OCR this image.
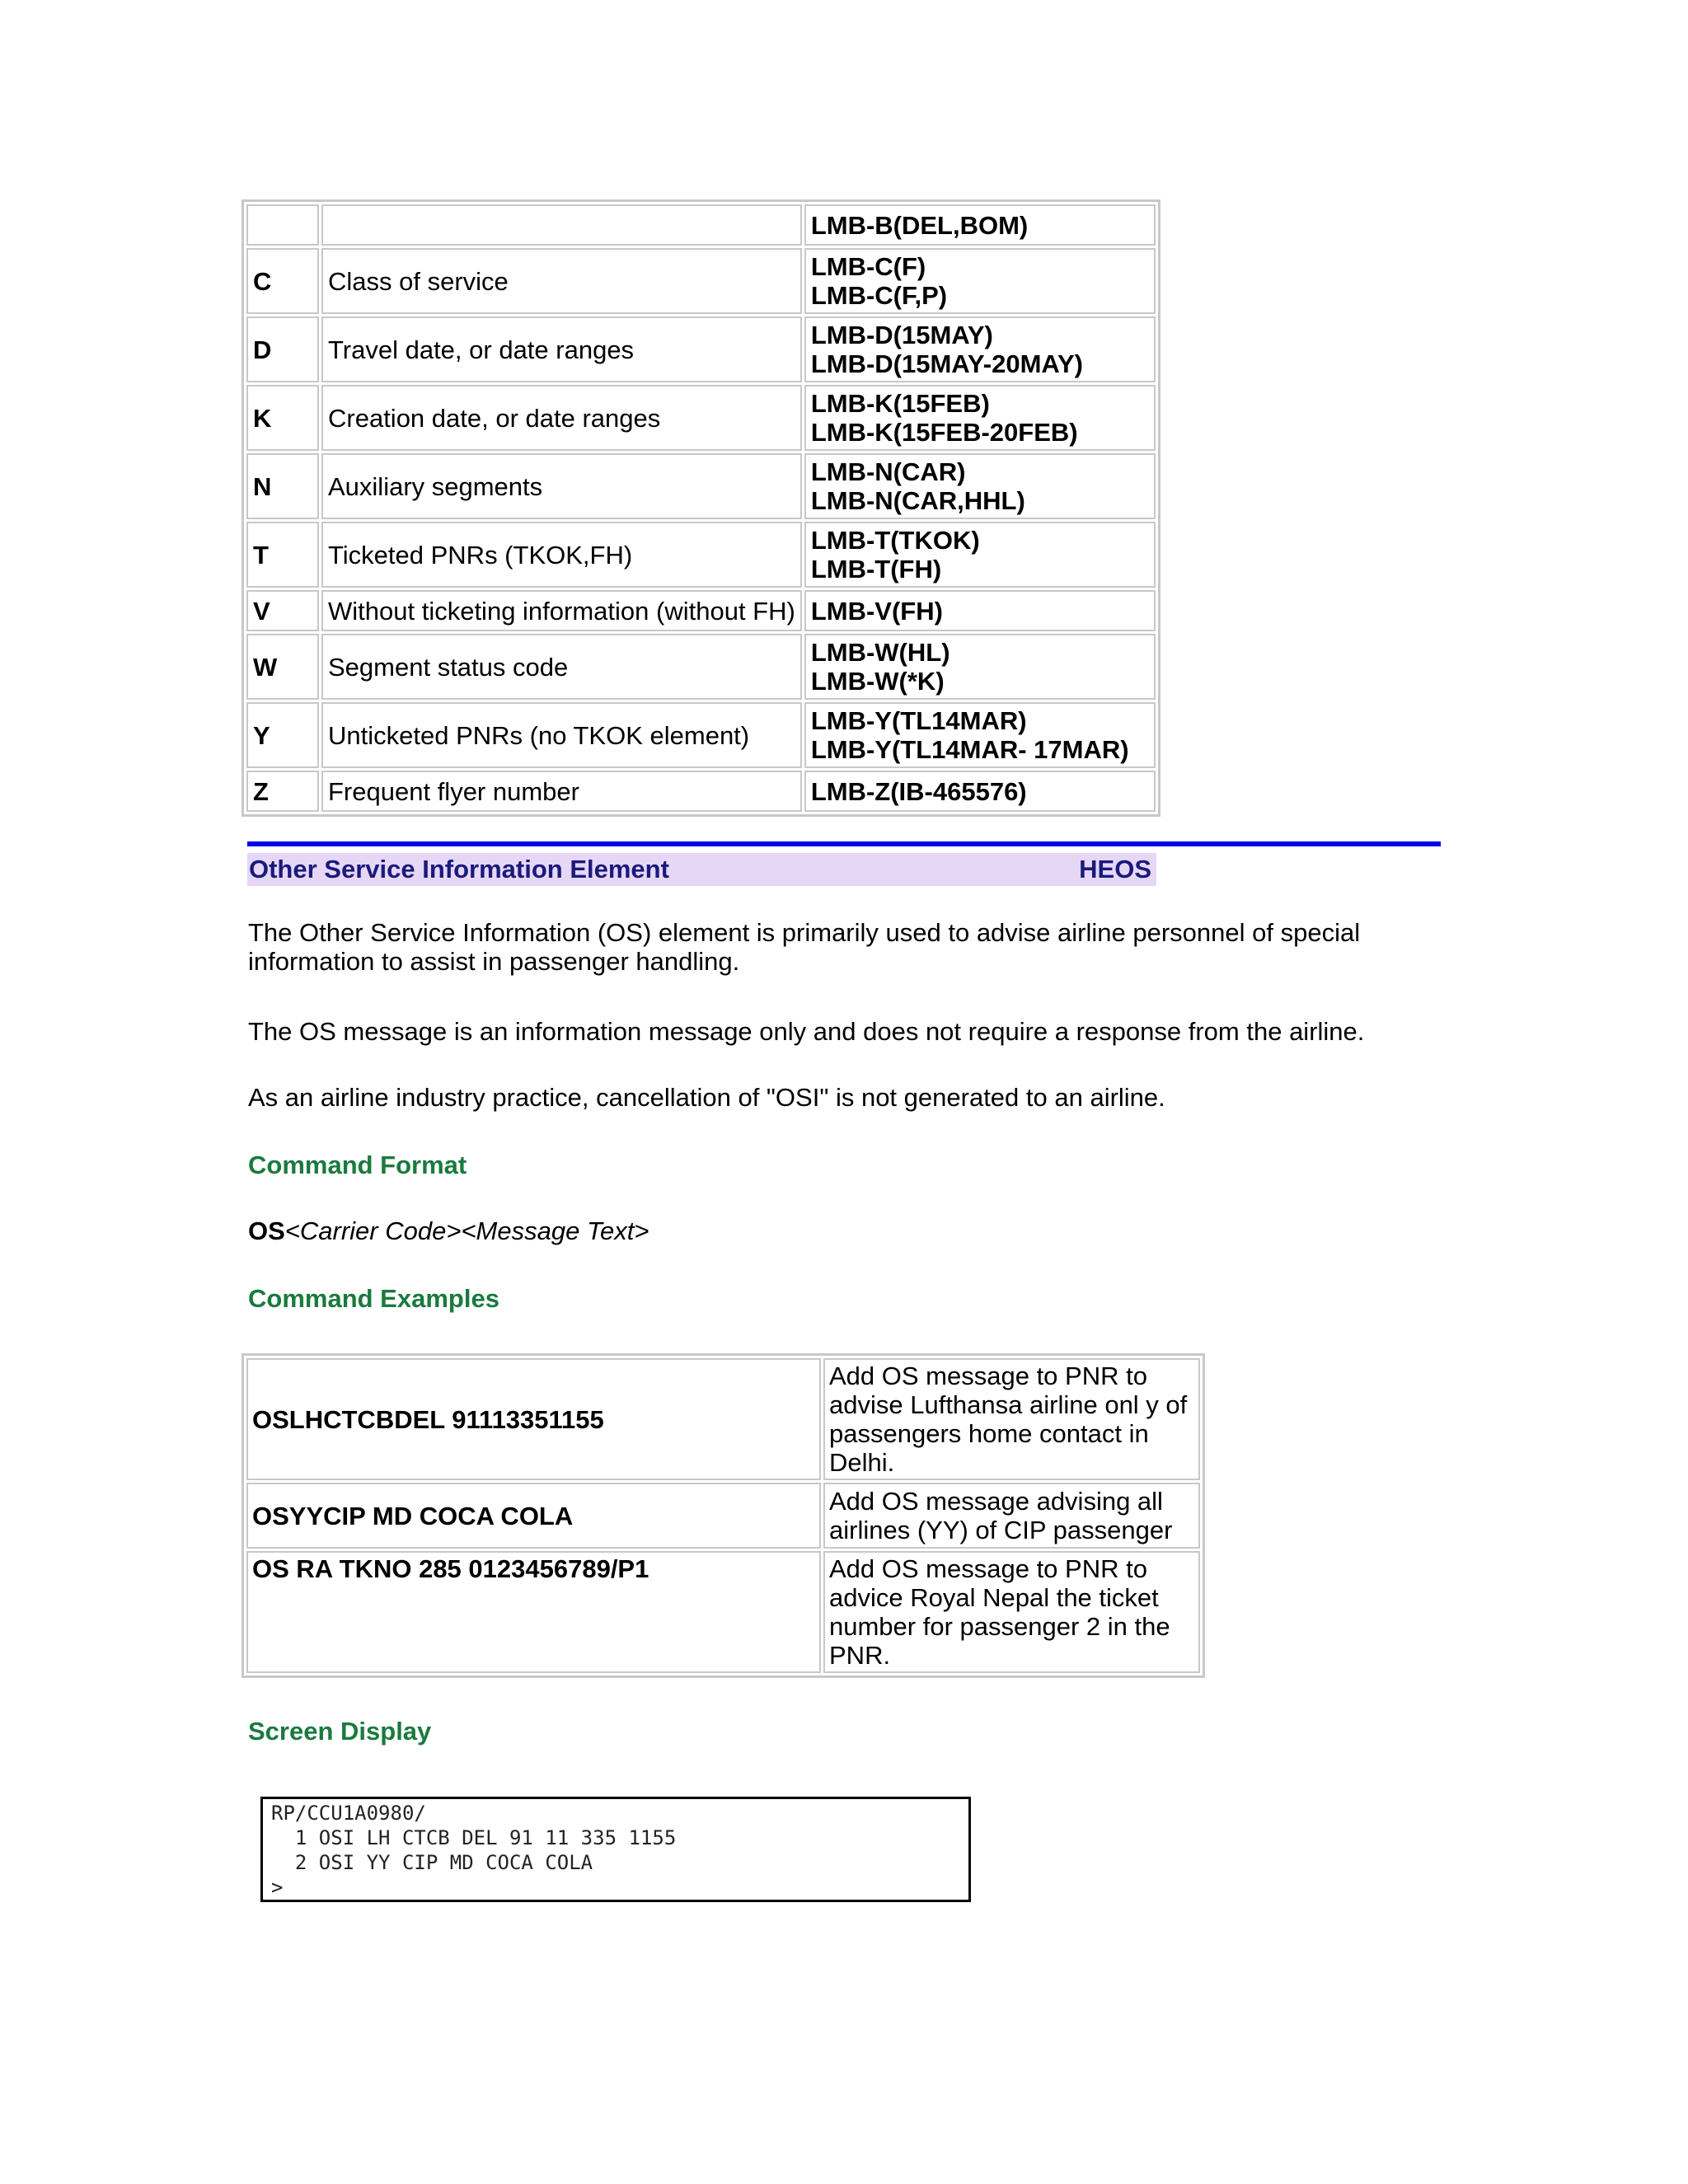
		LMB-B(DEL,BOM)

C	Class of service	LMB-C(F)
LMB-C(F,P)

D	Travel date, or date ranges	LMB-D(15MAY)
LMB-D(15MAY-20MAY)

K	Creation date, or date ranges	LMB-K(15FEB)
LMB-K(15FEB-20FEB)

N	Auxiliary segments	LMB-N(CAR)
LMB-N(CAR,HHL)

T	Ticketed PNRs (TKOK,FH)	LMB-T(TKOK)
LMB-T(FH)

V	Without ticketing information (without FH)	LMB-V(FH)

W	Segment status code	LMB-W(HL)
LMB-W(*K)

Y	Unticketed PNRs (no TKOK element)	LMB-Y(TL14MAR)
LMB-Y(TL14MAR- 17MAR)

Z	Frequent flyer number	LMB-Z(IB-465576)
Other Service Information Element	HEOS

The Other Service Information (OS) element is primarily used to advise airline personnel of special information to assist in passenger handling.

The OS message is an information message only and does not require a response from the airline.

As an airline industry practice, cancellation of "OSI" is not generated to an airline.

Command Format

OS<Carrier Code><Message Text>

Command Examples

OSLHCTCBDEL 91113351155	Add OS message to PNR to advise Lufthansa airline onl y of passengers home contact in Delhi.
OSYYCIP MD COCA COLA	Add OS message advising all airlines (YY) of CIP passenger
OS RA TKNO 285 0123456789/P1	Add OS message to PNR to advice Royal Nepal the ticket number for passenger 2 in the PNR.

Screen Display

RP/CCU1A0980/
1 OSI LH CTCB DEL 91 11 335 1155
2 OSI YY CIP MD COCA COLA
>
